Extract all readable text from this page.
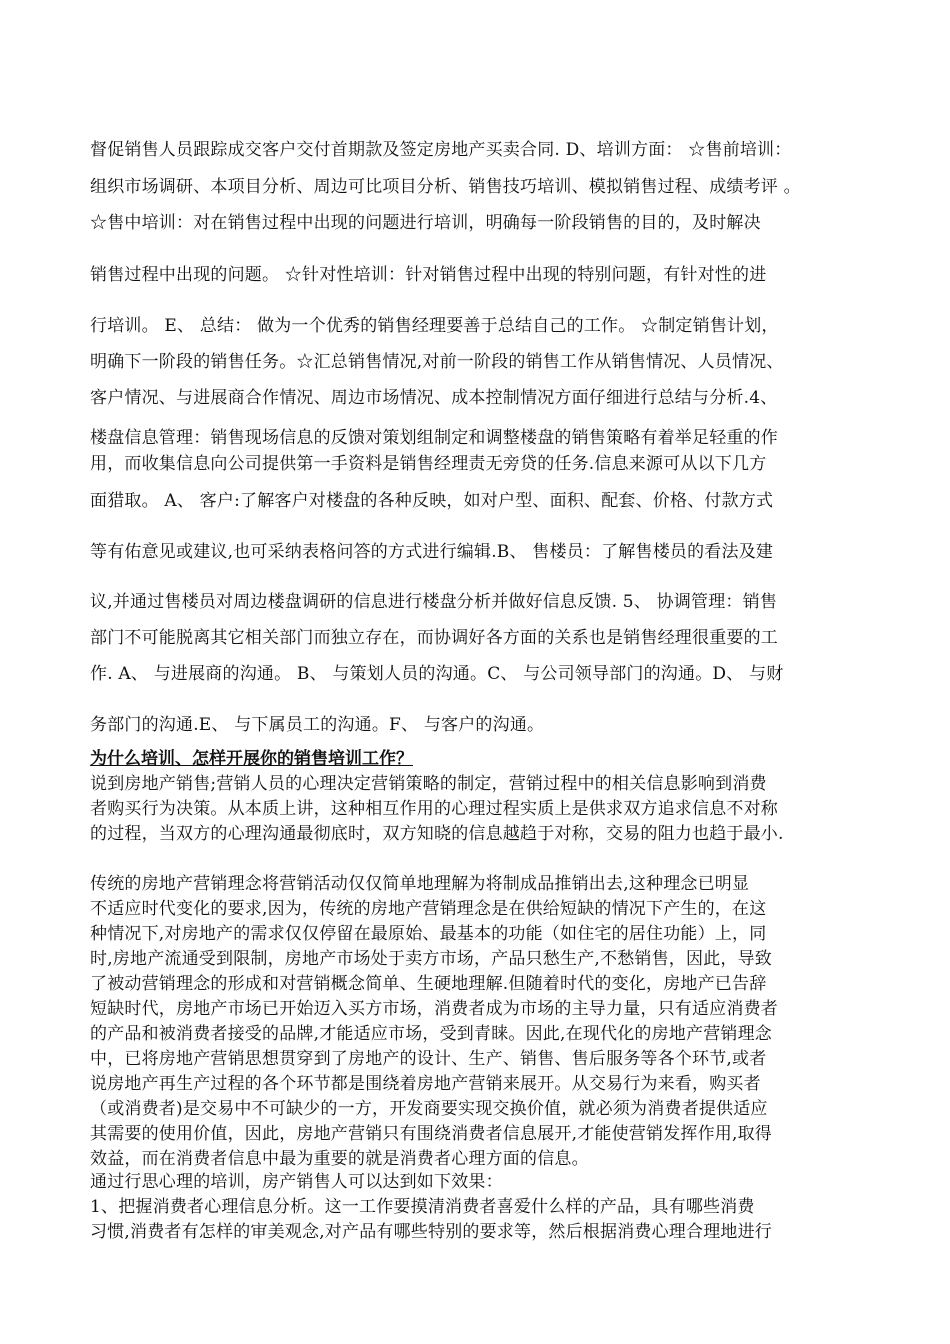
督促销售人员跟踪成交客户交付首期款及签定房地产买卖合同. D、培训方面： ☆售前培训：
组织市场调研、本项目分析、周边可比项目分析、销售技巧培训、模拟销售过程、成绩考评 。
☆售中培训：对在销售过程中出现的问题进行培训，明确每一阶段销售的目的，及时解决
销售过程中出现的问题。 ☆针对性培训：针对销售过程中出现的特别问题，有针对性的进
行培训。 E、 总结： 做为一个优秀的销售经理要善于总结自己的工作。 ☆制定销售计划，
明确下一阶段的销售任务。☆汇总销售情况,对前一阶段的销售工作从销售情况、人员情况、
客户情况、与进展商合作情况、周边市场情况、成本控制情况方面仔细进行总结与分析.4、
楼盘信息管理：销售现场信息的反馈对策划组制定和调整楼盘的销售策略有着举足轻重的作
用，而收集信息向公司提供第一手资料是销售经理责无旁贷的任务.信息来源可从以下几方
面猎取。 A、 客户:了解客户对楼盘的各种反映，如对户型、面积、配套、价格、付款方式
等有佑意见或建议,也可采纳表格问答的方式进行编辑.B、 售楼员：了解售楼员的看法及建
议,并通过售楼员对周边楼盘调研的信息进行楼盘分析并做好信息反馈. 5、 协调管理：销售
部门不可能脱离其它相关部门而独立存在，而协调好各方面的关系也是销售经理很重要的工
作. A、 与进展商的沟通。 B、 与策划人员的沟通。C、 与公司领导部门的沟通。D、 与财
务部门的沟通.E、 与下属员工的沟通。F、 与客户的沟通。
为什么培训、怎样开展你的销售培训工作？
说到房地产销售;营销人员的心理决定营销策略的制定，营销过程中的相关信息影响到消费
者购买行为决策。从本质上讲，这种相互作用的心理过程实质上是供求双方追求信息不对称
的过程，当双方的心理沟通最彻底时，双方知晓的信息越趋于对称，交易的阻力也趋于最小.
传统的房地产营销理念将营销活动仅仅简单地理解为将制成品推销出去,这种理念已明显
不适应时代变化的要求,因为，传统的房地产营销理念是在供给短缺的情况下产生的，在这
种情况下,对房地产的需求仅仅停留在最原始、最基本的功能（如住宅的居住功能）上，同
时,房地产流通受到限制，房地产市场处于卖方市场，产品只愁生产,不愁销售，因此，导致
了被动营销理念的形成和对营销概念简单、生硬地理解.但随着时代的变化，房地产已告辞
短缺时代，房地产市场已开始迈入买方市场，消费者成为市场的主导力量，只有适应消费者
的产品和被消费者接受的品牌,才能适应市场，受到青睐。因此,在现代化的房地产营销理念
中，已将房地产营销思想贯穿到了房地产的设计、生产、销售、售后服务等各个环节,或者
说房地产再生产过程的各个环节都是围绕着房地产营销来展开。从交易行为来看，购买者
（或消费者)是交易中不可缺少的一方，开发商要实现交换价值，就必须为消费者提供适应
其需要的使用价值，因此，房地产营销只有围绕消费者信息展开,才能使营销发挥作用,取得
效益，而在消费者信息中最为重要的就是消费者心理方面的信息。
通过行思心理的培训，房产销售人可以达到如下效果：
1、把握消费者心理信息分析。这一工作要摸清消费者喜爱什么样的产品，具有哪些消费
习惯,消费者有怎样的审美观念,对产品有哪些特别的要求等，然后根据消费心理合理地进行
